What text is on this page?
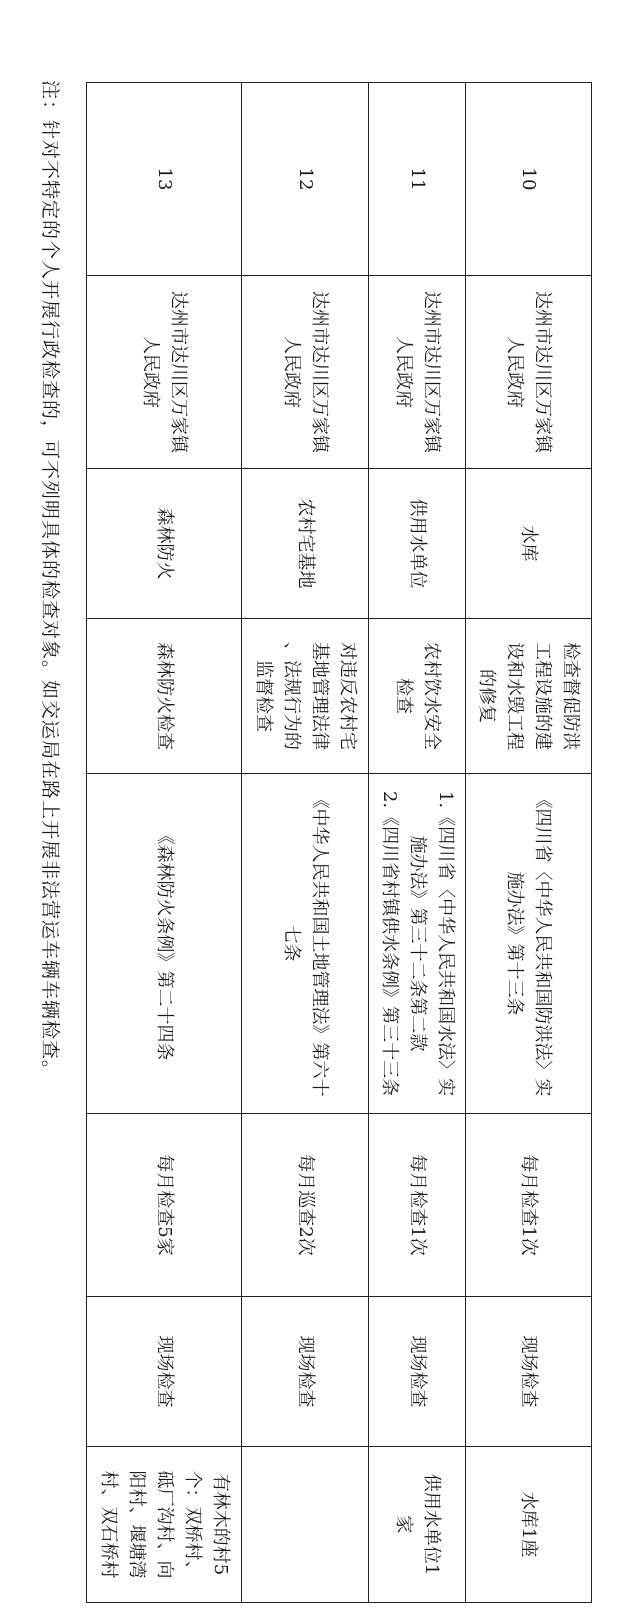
10	达州市达川区万家镇
人民政府	水库	检查督促防洪
工程设施的建
设和水毁工程
的修复	《四川省〈中华人民共和国防洪法〉实
施办法》第十三条	每月检查1次	现场检查	水库1座

11	达州市达川区万家镇
人民政府	供用水单位	农村饮水安全
检查	1.《四川省〈中华人民共和国水法〉实
施办法》第三十二条第二款
2.《四川省村镇供水条例》第三十三条	每月检查1次	现场检查	供用水单位1
家

12	达州市达川区万家镇
人民政府	农村宅基地	对违反农村宅
基地管理法律
、法规行为的
监督检查	《中华人民共和国土地管理法》第六十
七条	每月巡查2次	现场检查	
13	达州市达川区万家镇
人民政府	森林防火	森林防火检查	《森林防火条例》第二十四条	每月检查5家	现场检查	有林木的村5
个：双桥村、
砥厂沟村、向
阳村、堰塘湾
村、双石桥村
注：针对不特定的个人开展行政检查的，可不列明具体的检查对象。如交运局在路上开展非法营运车辆车辆检查。
